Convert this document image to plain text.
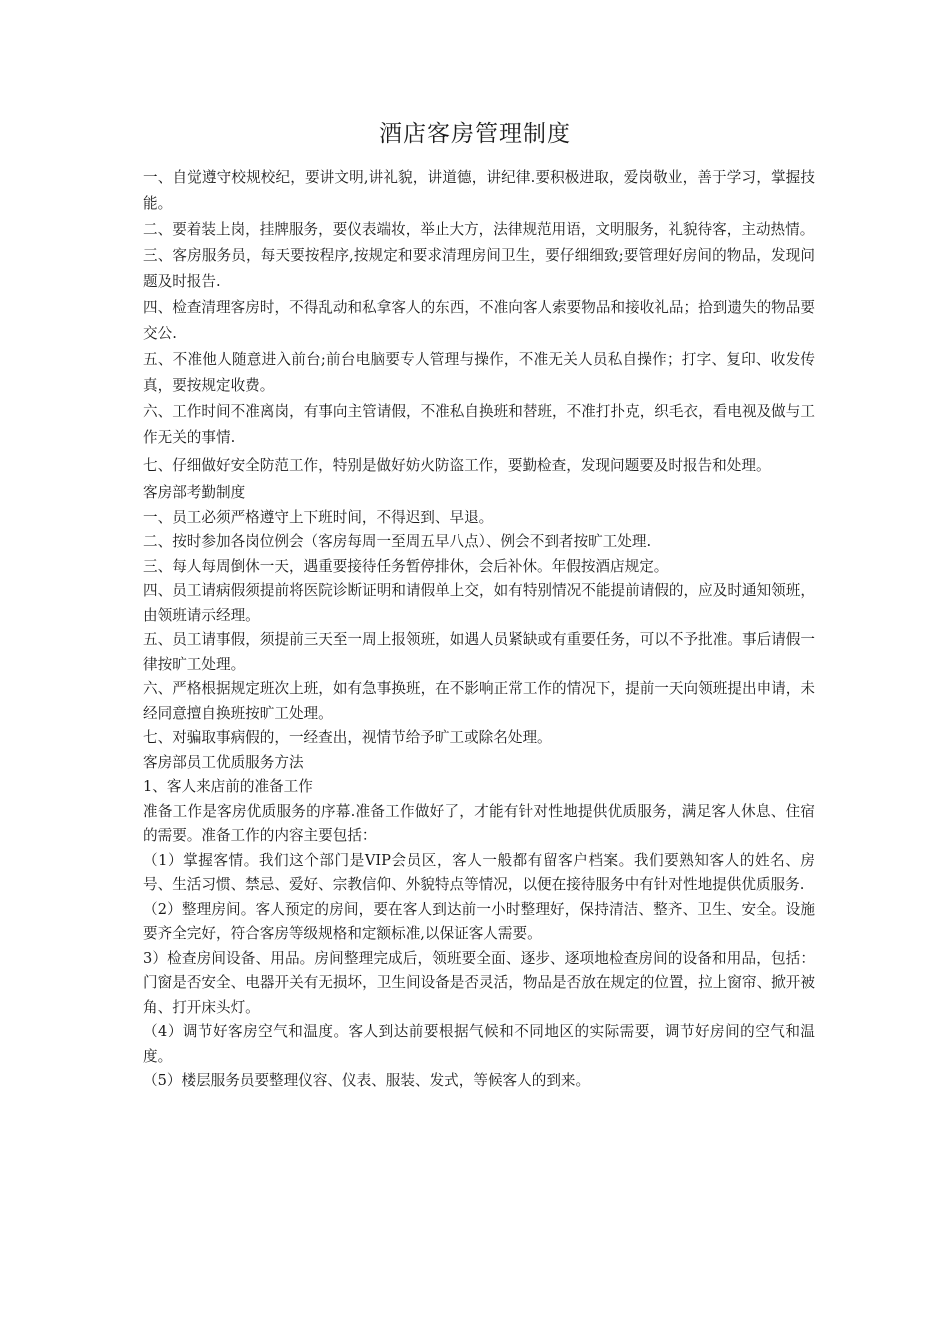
酒店客房管理制度

一、自觉遵守校规校纪，要讲文明,讲礼貌，讲道德，讲纪律.要积极进取，爱岗敬业，善于学习，掌握技能。

二、要着装上岗，挂牌服务，要仪表端妆，举止大方，法律规范用语，文明服务，礼貌待客，主动热情。

三、客房服务员，每天要按程序,按规定和要求清理房间卫生，要仔细细致;要管理好房间的物品，发现问题及时报告.

四、检查清理客房时，不得乱动和私拿客人的东西，不准向客人索要物品和接收礼品；拾到遗失的物品要交公.

五、不准他人随意进入前台;前台电脑要专人管理与操作，不准无关人员私自操作；打字、复印、收发传真，要按规定收费。

六、工作时间不准离岗，有事向主管请假，不准私自换班和替班，不准打扑克，织毛衣，看电视及做与工作无关的事情.

七、仔细做好安全防范工作，特别是做好妨火防盗工作，要勤检查，发现问题要及时报告和处理。

客房部考勤制度

一、员工必须严格遵守上下班时间，不得迟到、早退。

二、按时参加各岗位例会（客房每周一至周五早八点）、例会不到者按旷工处理.

三、每人每周倒休一天，遇重要接待任务暂停排休，会后补休。年假按酒店规定。

四、员工请病假须提前将医院诊断证明和请假单上交，如有特别情况不能提前请假的，应及时通知领班，由领班请示经理。

五、员工请事假，须提前三天至一周上报领班，如遇人员紧缺或有重要任务，可以不予批准。事后请假一律按旷工处理。

六、严格根据规定班次上班，如有急事换班，在不影响正常工作的情况下，提前一天向领班提出申请，未经同意擅自换班按旷工处理。

七、对骗取事病假的，一经查出，视情节给予旷工或除名处理。

客房部员工优质服务方法

1、客人来店前的准备工作

准备工作是客房优质服务的序幕.准备工作做好了，才能有针对性地提供优质服务，满足客人休息、住宿的需要。准备工作的内容主要包括：

（1）掌握客情。我们这个部门是VIP会员区，客人一般都有留客户档案。我们要熟知客人的姓名、房号、生活习惯、禁忌、爱好、宗教信仰、外貌特点等情况，以便在接待服务中有针对性地提供优质服务.

（2）整理房间。客人预定的房间，要在客人到达前一小时整理好，保持清洁、整齐、卫生、安全。设施要齐全完好，符合客房等级规格和定额标准,以保证客人需要。

3）检查房间设备、用品。房间整理完成后，领班要全面、逐步、逐项地检查房间的设备和用品，包括：门窗是否安全、电器开关有无损坏，卫生间设备是否灵活，物品是否放在规定的位置，拉上窗帘、掀开被角、打开床头灯。

（4）调节好客房空气和温度。客人到达前要根据气候和不同地区的实际需要，调节好房间的空气和温度。

（5）楼层服务员要整理仪容、仪表、服装、发式，等候客人的到来。
